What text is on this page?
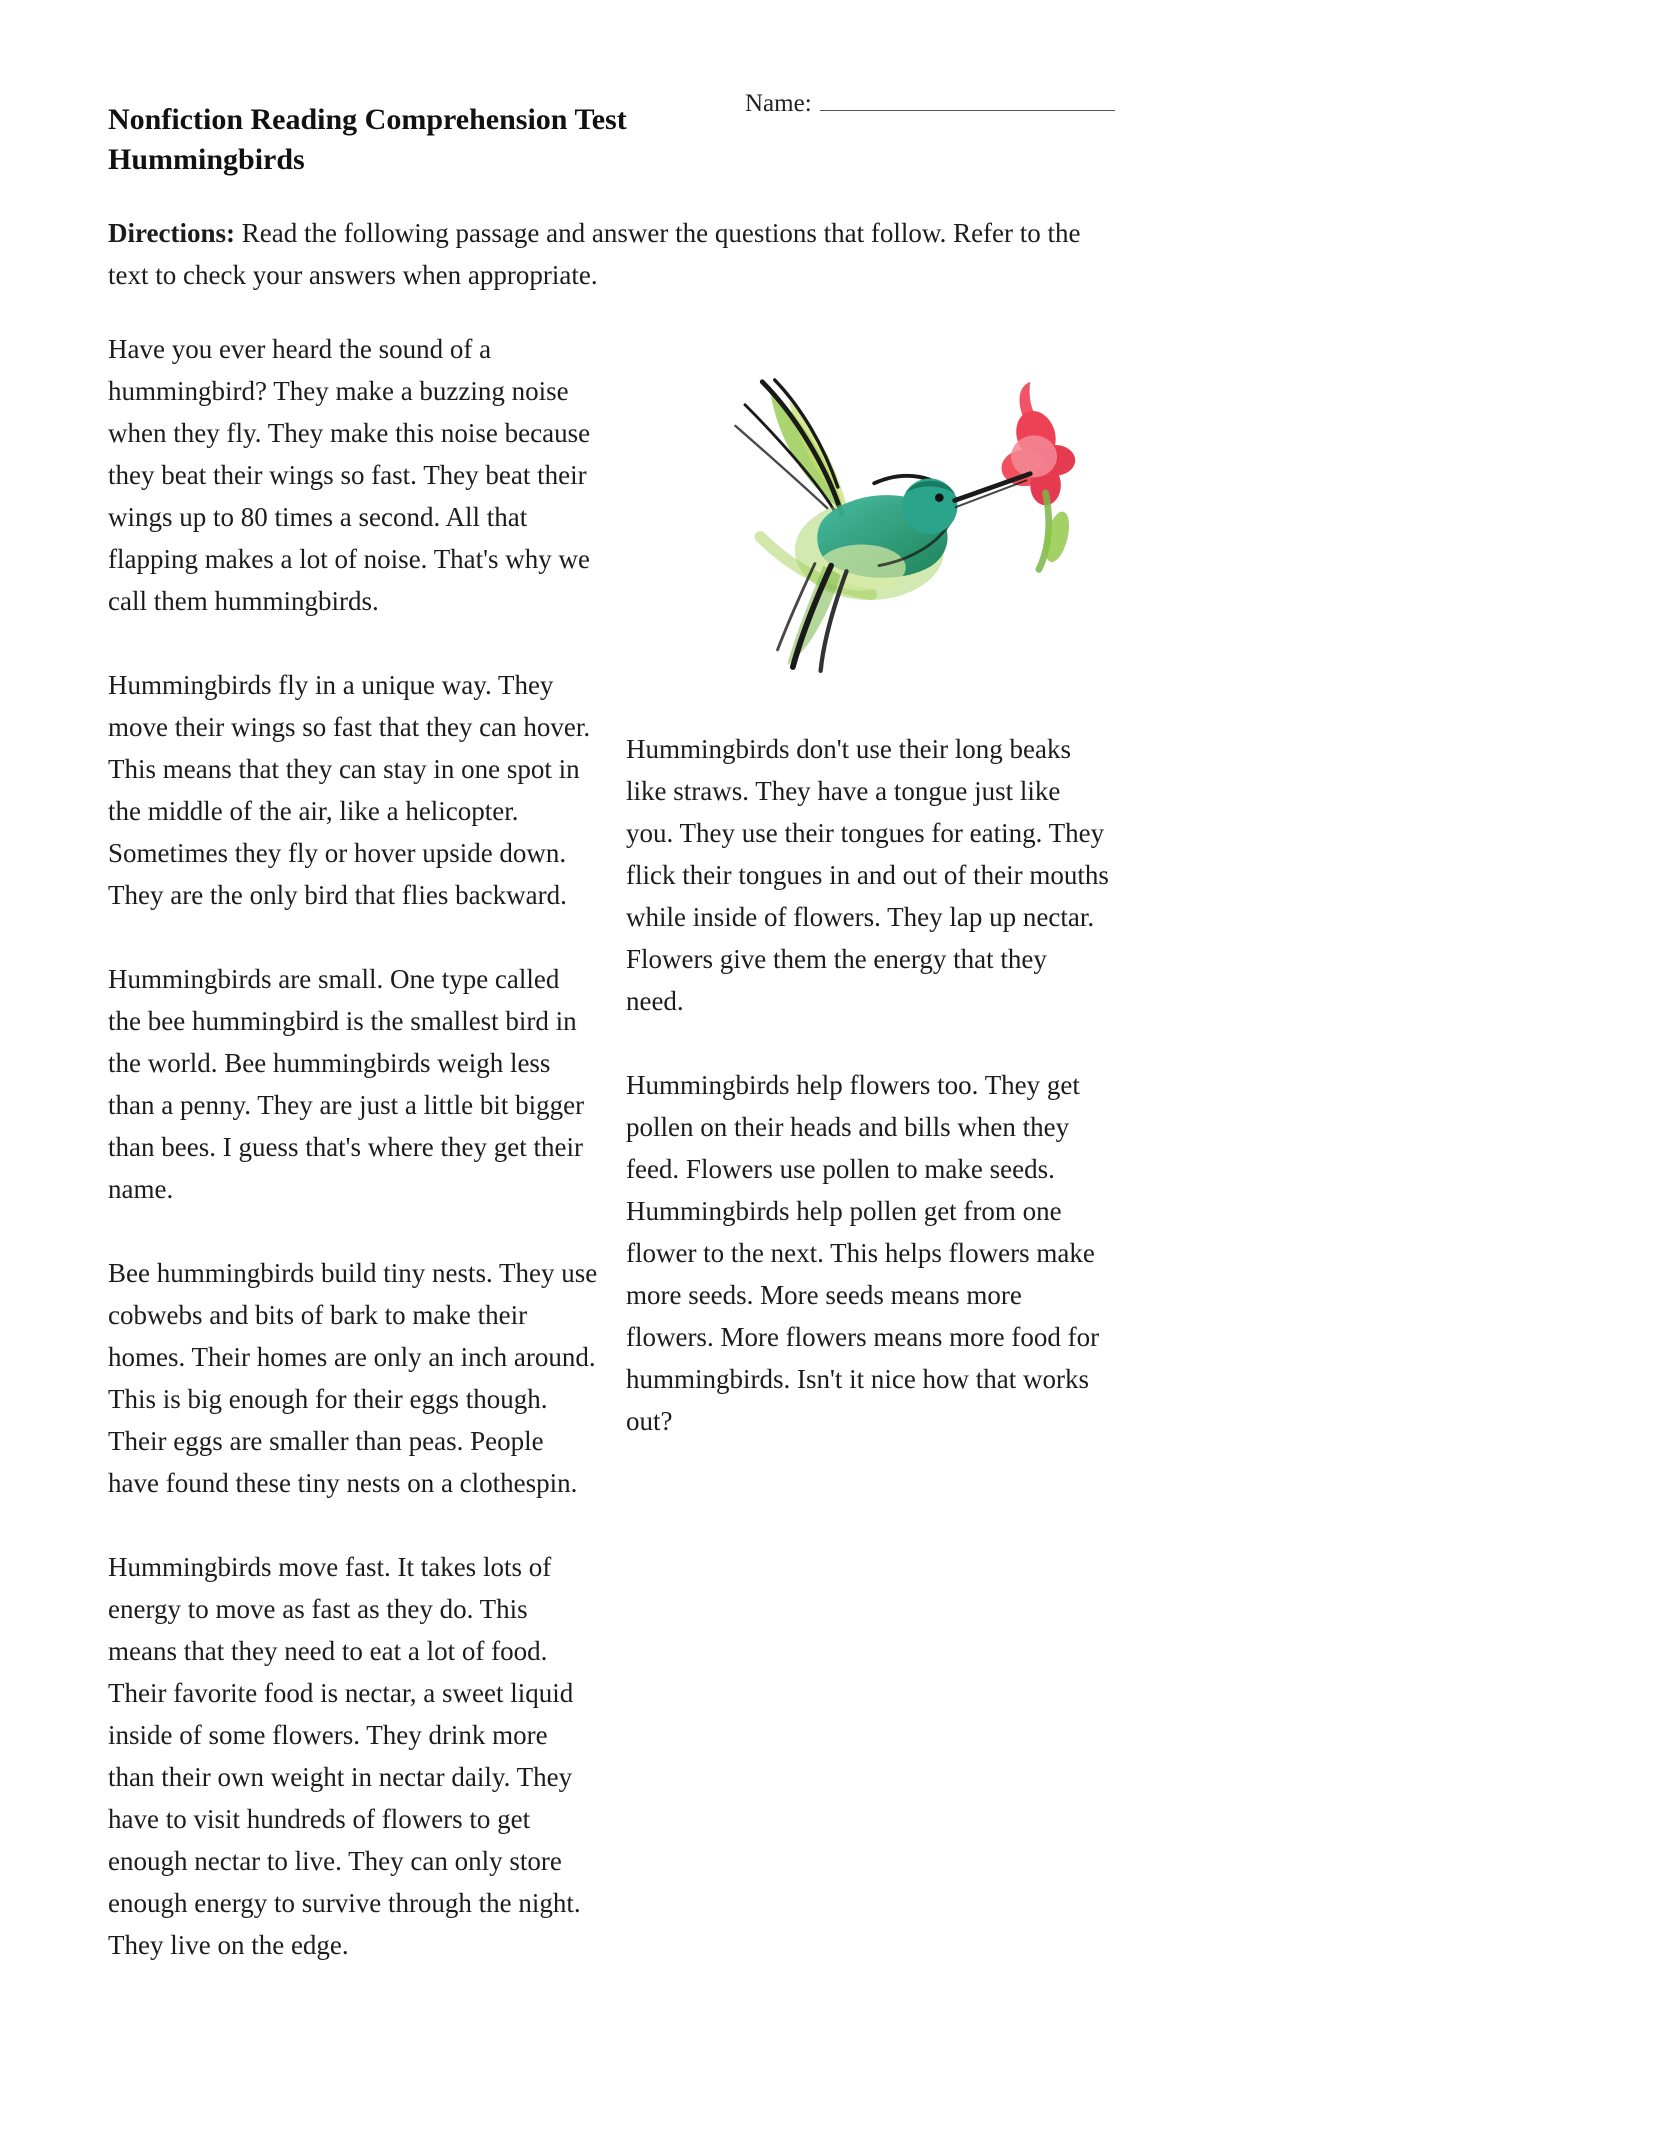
Name:
Nonfiction Reading Comprehension Test
Hummingbirds

Directions: Read the following passage and answer the questions that follow. Refer to the text to check your answers when appropriate.

Have you ever heard the sound of a hummingbird? They make a buzzing noise when they fly. They make this noise because they beat their wings so fast. They beat their wings up to 80 times a second. All that flapping makes a lot of noise. That's why we call them hummingbirds.

Hummingbirds fly in a unique way. They move their wings so fast that they can hover. This means that they can stay in one spot in the middle of the air, like a helicopter. Sometimes they fly or hover upside down. They are the only bird that flies backward.

Hummingbirds are small. One type called the bee hummingbird is the smallest bird in the world. Bee hummingbirds weigh less than a penny. They are just a little bit bigger than bees. I guess that's where they get their name.

Bee hummingbirds build tiny nests. They use cobwebs and bits of bark to make their homes. Their homes are only an inch around. This is big enough for their eggs though. Their eggs are smaller than peas. People have found these tiny nests on a clothespin.

Hummingbirds move fast. It takes lots of energy to move as fast as they do. This means that they need to eat a lot of food. Their favorite food is nectar, a sweet liquid inside of some flowers. They drink more than their own weight in nectar daily. They have to visit hundreds of flowers to get enough nectar to live. They can only store enough energy to survive through the night. They live on the edge.

Hummingbirds don't use their long beaks like straws. They have a tongue just like you. They use their tongues for eating. They flick their tongues in and out of their mouths while inside of flowers. They lap up nectar. Flowers give them the energy that they need.

Hummingbirds help flowers too. They get pollen on their heads and bills when they feed. Flowers use pollen to make seeds. Hummingbirds help pollen get from one flower to the next. This helps flowers make more seeds. More seeds means more flowers. More flowers means more food for hummingbirds. Isn't it nice how that works out?
